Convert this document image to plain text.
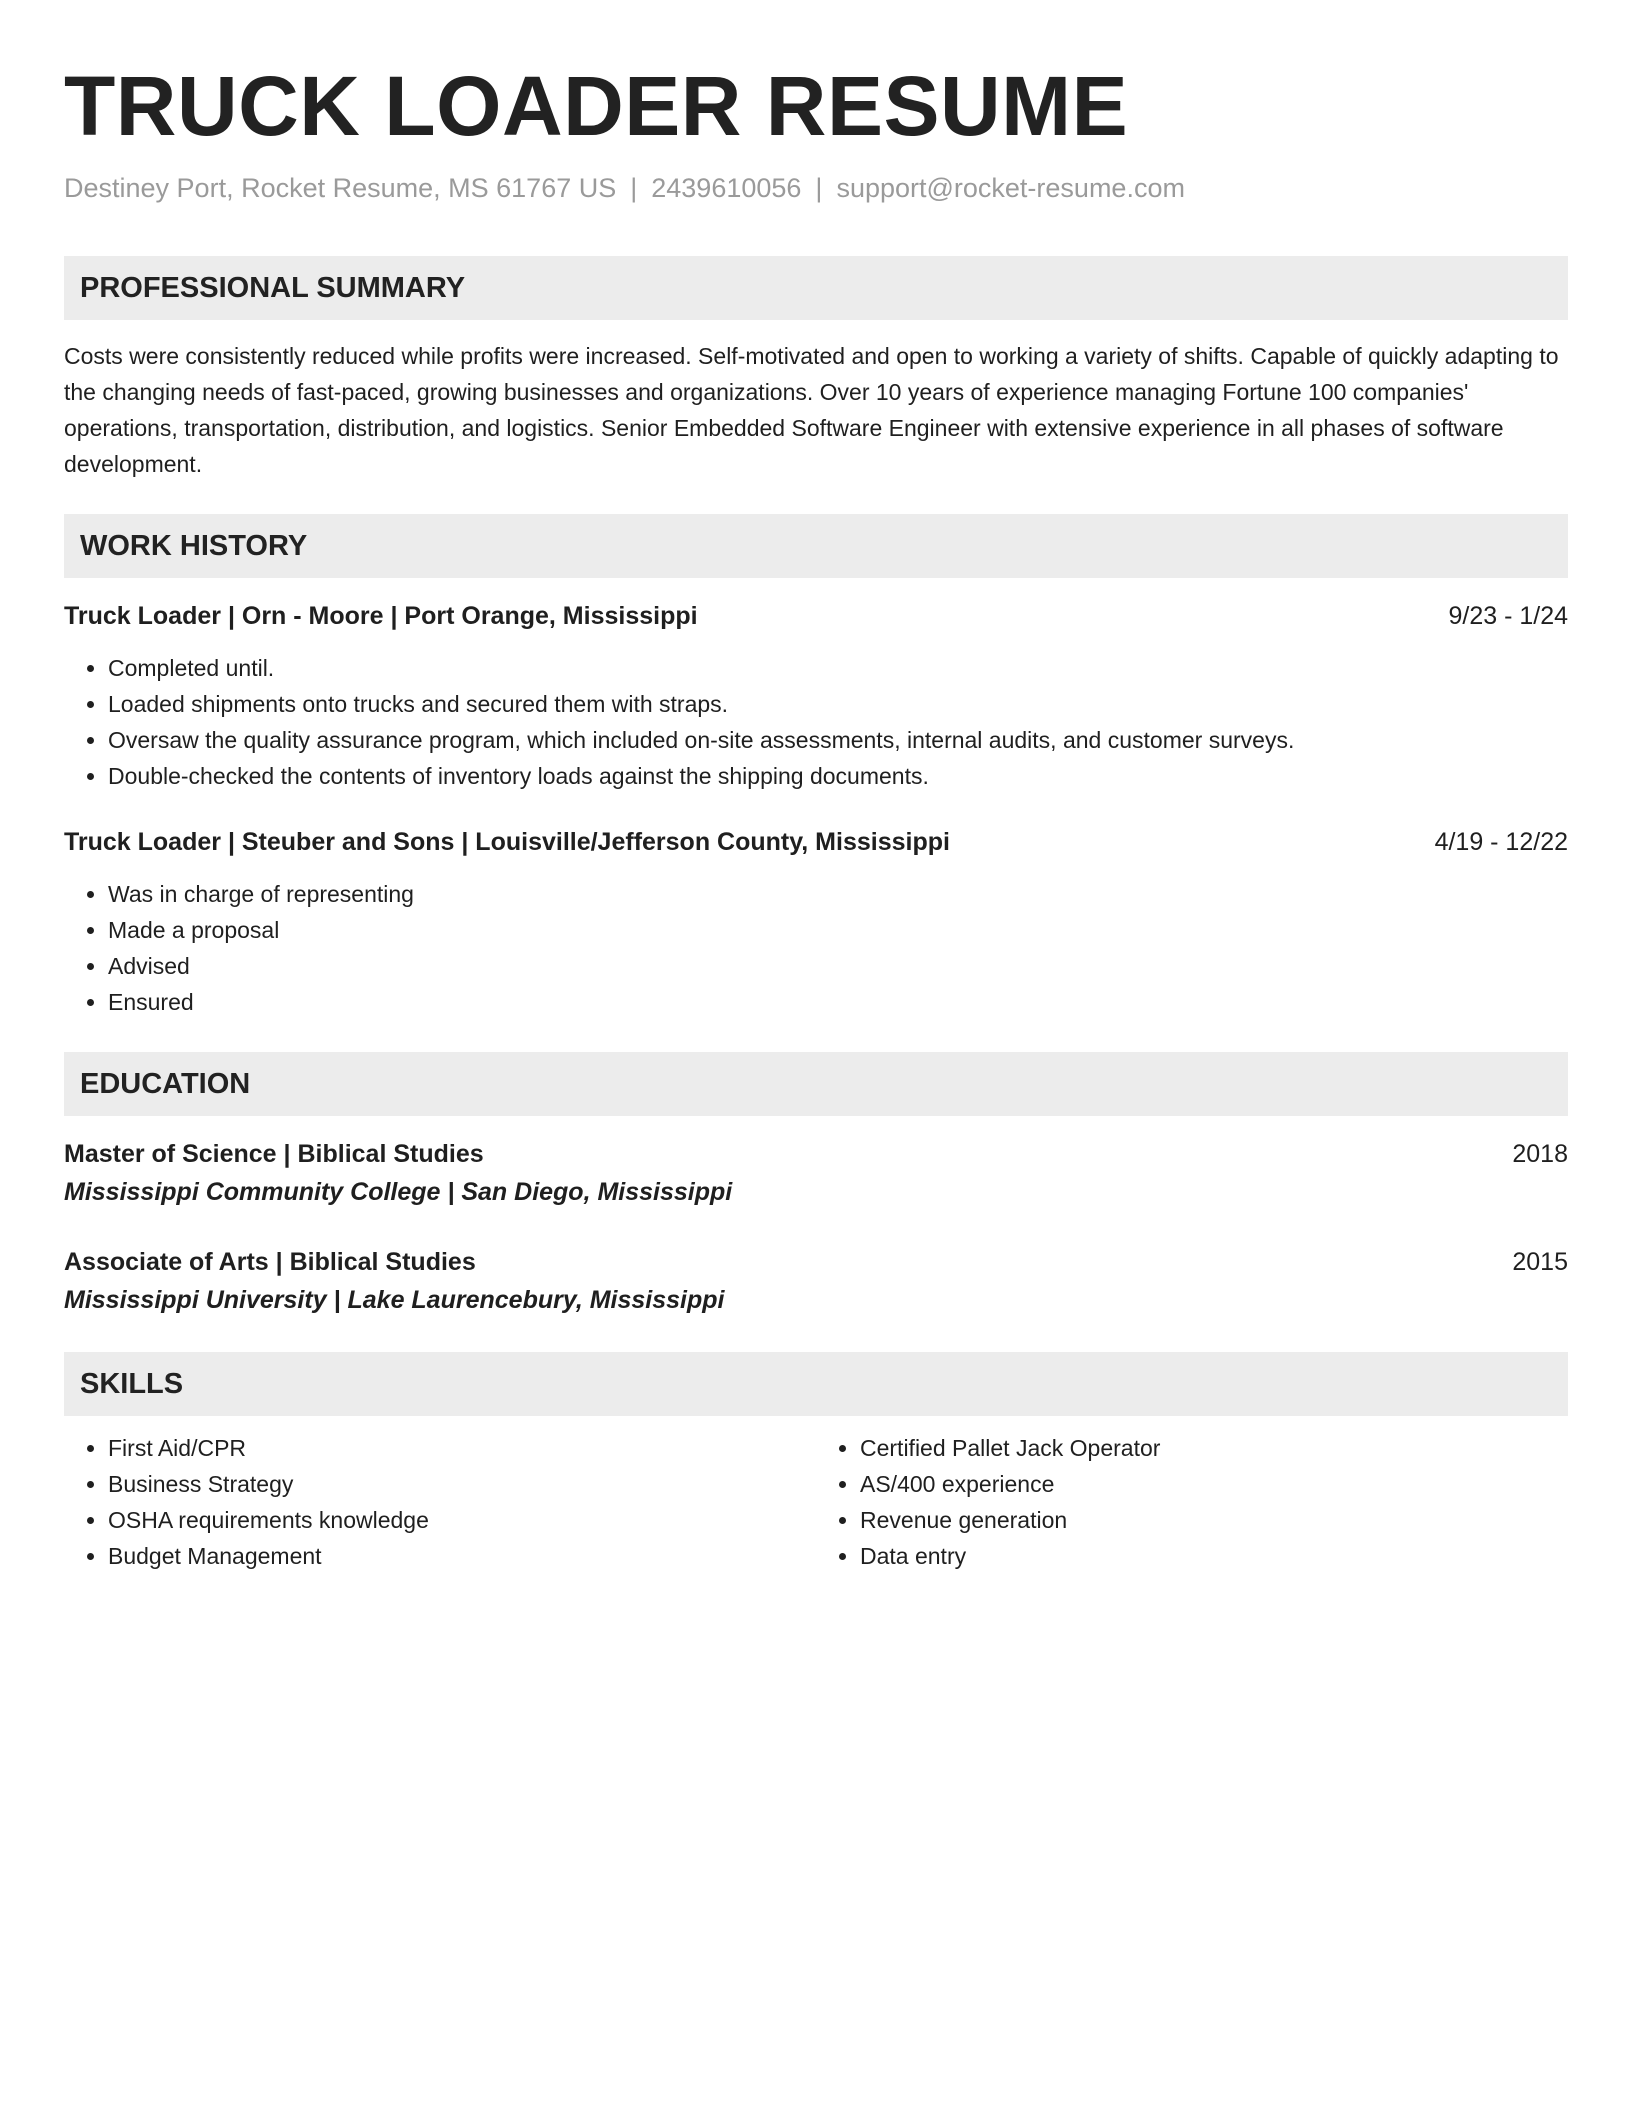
TRUCK LOADER RESUME
Destiney Port, Rocket Resume, MS 61767 US | 2439610056 | support@rocket-resume.com
PROFESSIONAL SUMMARY
Costs were consistently reduced while profits were increased. Self-motivated and open to working a variety of shifts. Capable of quickly adapting to the changing needs of fast-paced, growing businesses and organizations. Over 10 years of experience managing Fortune 100 companies' operations, transportation, distribution, and logistics. Senior Embedded Software Engineer with extensive experience in all phases of software development.
WORK HISTORY
Truck Loader | Orn - Moore | Port Orange, Mississippi	9/23 - 1/24
• Completed until.
• Loaded shipments onto trucks and secured them with straps.
• Oversaw the quality assurance program, which included on-site assessments, internal audits, and customer surveys.
• Double-checked the contents of inventory loads against the shipping documents.
Truck Loader | Steuber and Sons | Louisville/Jefferson County, Mississippi	4/19 - 12/22
• Was in charge of representing
• Made a proposal
• Advised
• Ensured
EDUCATION
Master of Science | Biblical Studies	2018
Mississippi Community College | San Diego, Mississippi
Associate of Arts | Biblical Studies	2015
Mississippi University | Lake Laurencebury, Mississippi
SKILLS
• First Aid/CPR
• Business Strategy
• OSHA requirements knowledge
• Budget Management
• Certified Pallet Jack Operator
• AS/400 experience
• Revenue generation
• Data entry
